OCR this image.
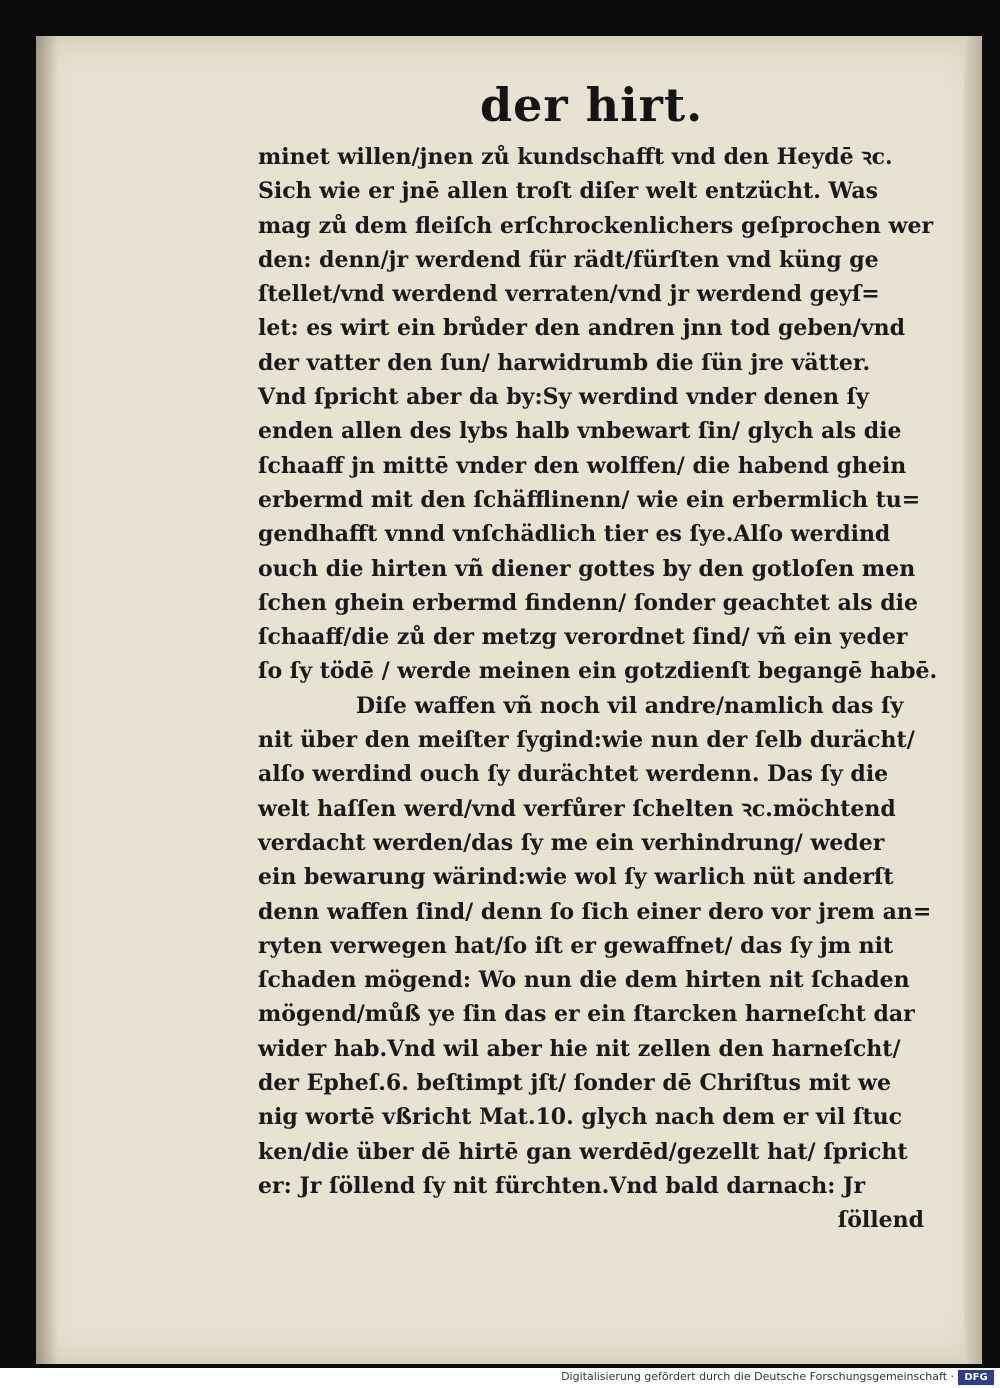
der hirt.
minet willen/jnen zů kundschafft vnd den Heydē ꝛc.
Sich wie er jnē allen troſt diſer welt entzücht. Was
mag zů dem fleiſch erſchrockenlichers geſprochen wer
den: denn/jr werdend für rädt/fürſten vnd küng ge
ſtellet/vnd werdend verraten/vnd jr werdend geyſ=
let: es wirt ein brůder den andren jnn tod geben/vnd
der vatter den ſun/ harwidrumb die ſün jre vätter.
Vnd ſpricht aber da by:Sy werdind vnder denen ſy
enden allen des lybs halb vnbewart ſin/ glych als die
ſchaaff jn mittē vnder den wolffen/ die habend ghein
erbermd mit den ſchäfflinenn/ wie ein erbermlich tu=
gendhafft vnnd vnſchädlich tier es ſye.Alſo werdind
ouch die hirten vñ diener gottes by den gotloſen men
ſchen ghein erbermd findenn/ ſonder geachtet als die
ſchaaff/die zů der metzg verordnet ſind/ vñ ein yeder
ſo ſy tödē / werde meinen ein gotzdienſt begangē habē.
Diſe waffen vñ noch vil andre/namlich das ſy
nit über den meiſter ſygind:wie nun der ſelb durächt/
alſo werdind ouch ſy durächtet werdenn. Das ſy die
welt haſſen werd/vnd verfůrer ſchelten ꝛc.möchtend
verdacht werden/das ſy me ein verhindrung/ weder
ein bewarung wärind:wie wol ſy warlich nüt anderſt
denn waffen ſind/ denn ſo ſich einer dero vor jrem an=
ryten verwegen hat/ſo iſt er gewaffnet/ das ſy jm nit
ſchaden mögend: Wo nun die dem hirten nit ſchaden
mögend/můß ye ſin das er ein ſtarcken harneſcht dar
wider hab.Vnd wil aber hie nit zellen den harneſcht/
der Epheſ.6. beſtimpt jſt/ ſonder dē Chriſtus mit we
nig wortē vßricht Mat.10. glych nach dem er vil ſtuc
ken/die über dē hirtē gan werdēd/gezellt hat/ ſpricht
er: Jr ſöllend ſy nit fürchten.Vnd bald darnach: Jr
ſöllend
Digitalisierung gefördert durch die Deutsche Forschungsgemeinschaft ·	DFG
